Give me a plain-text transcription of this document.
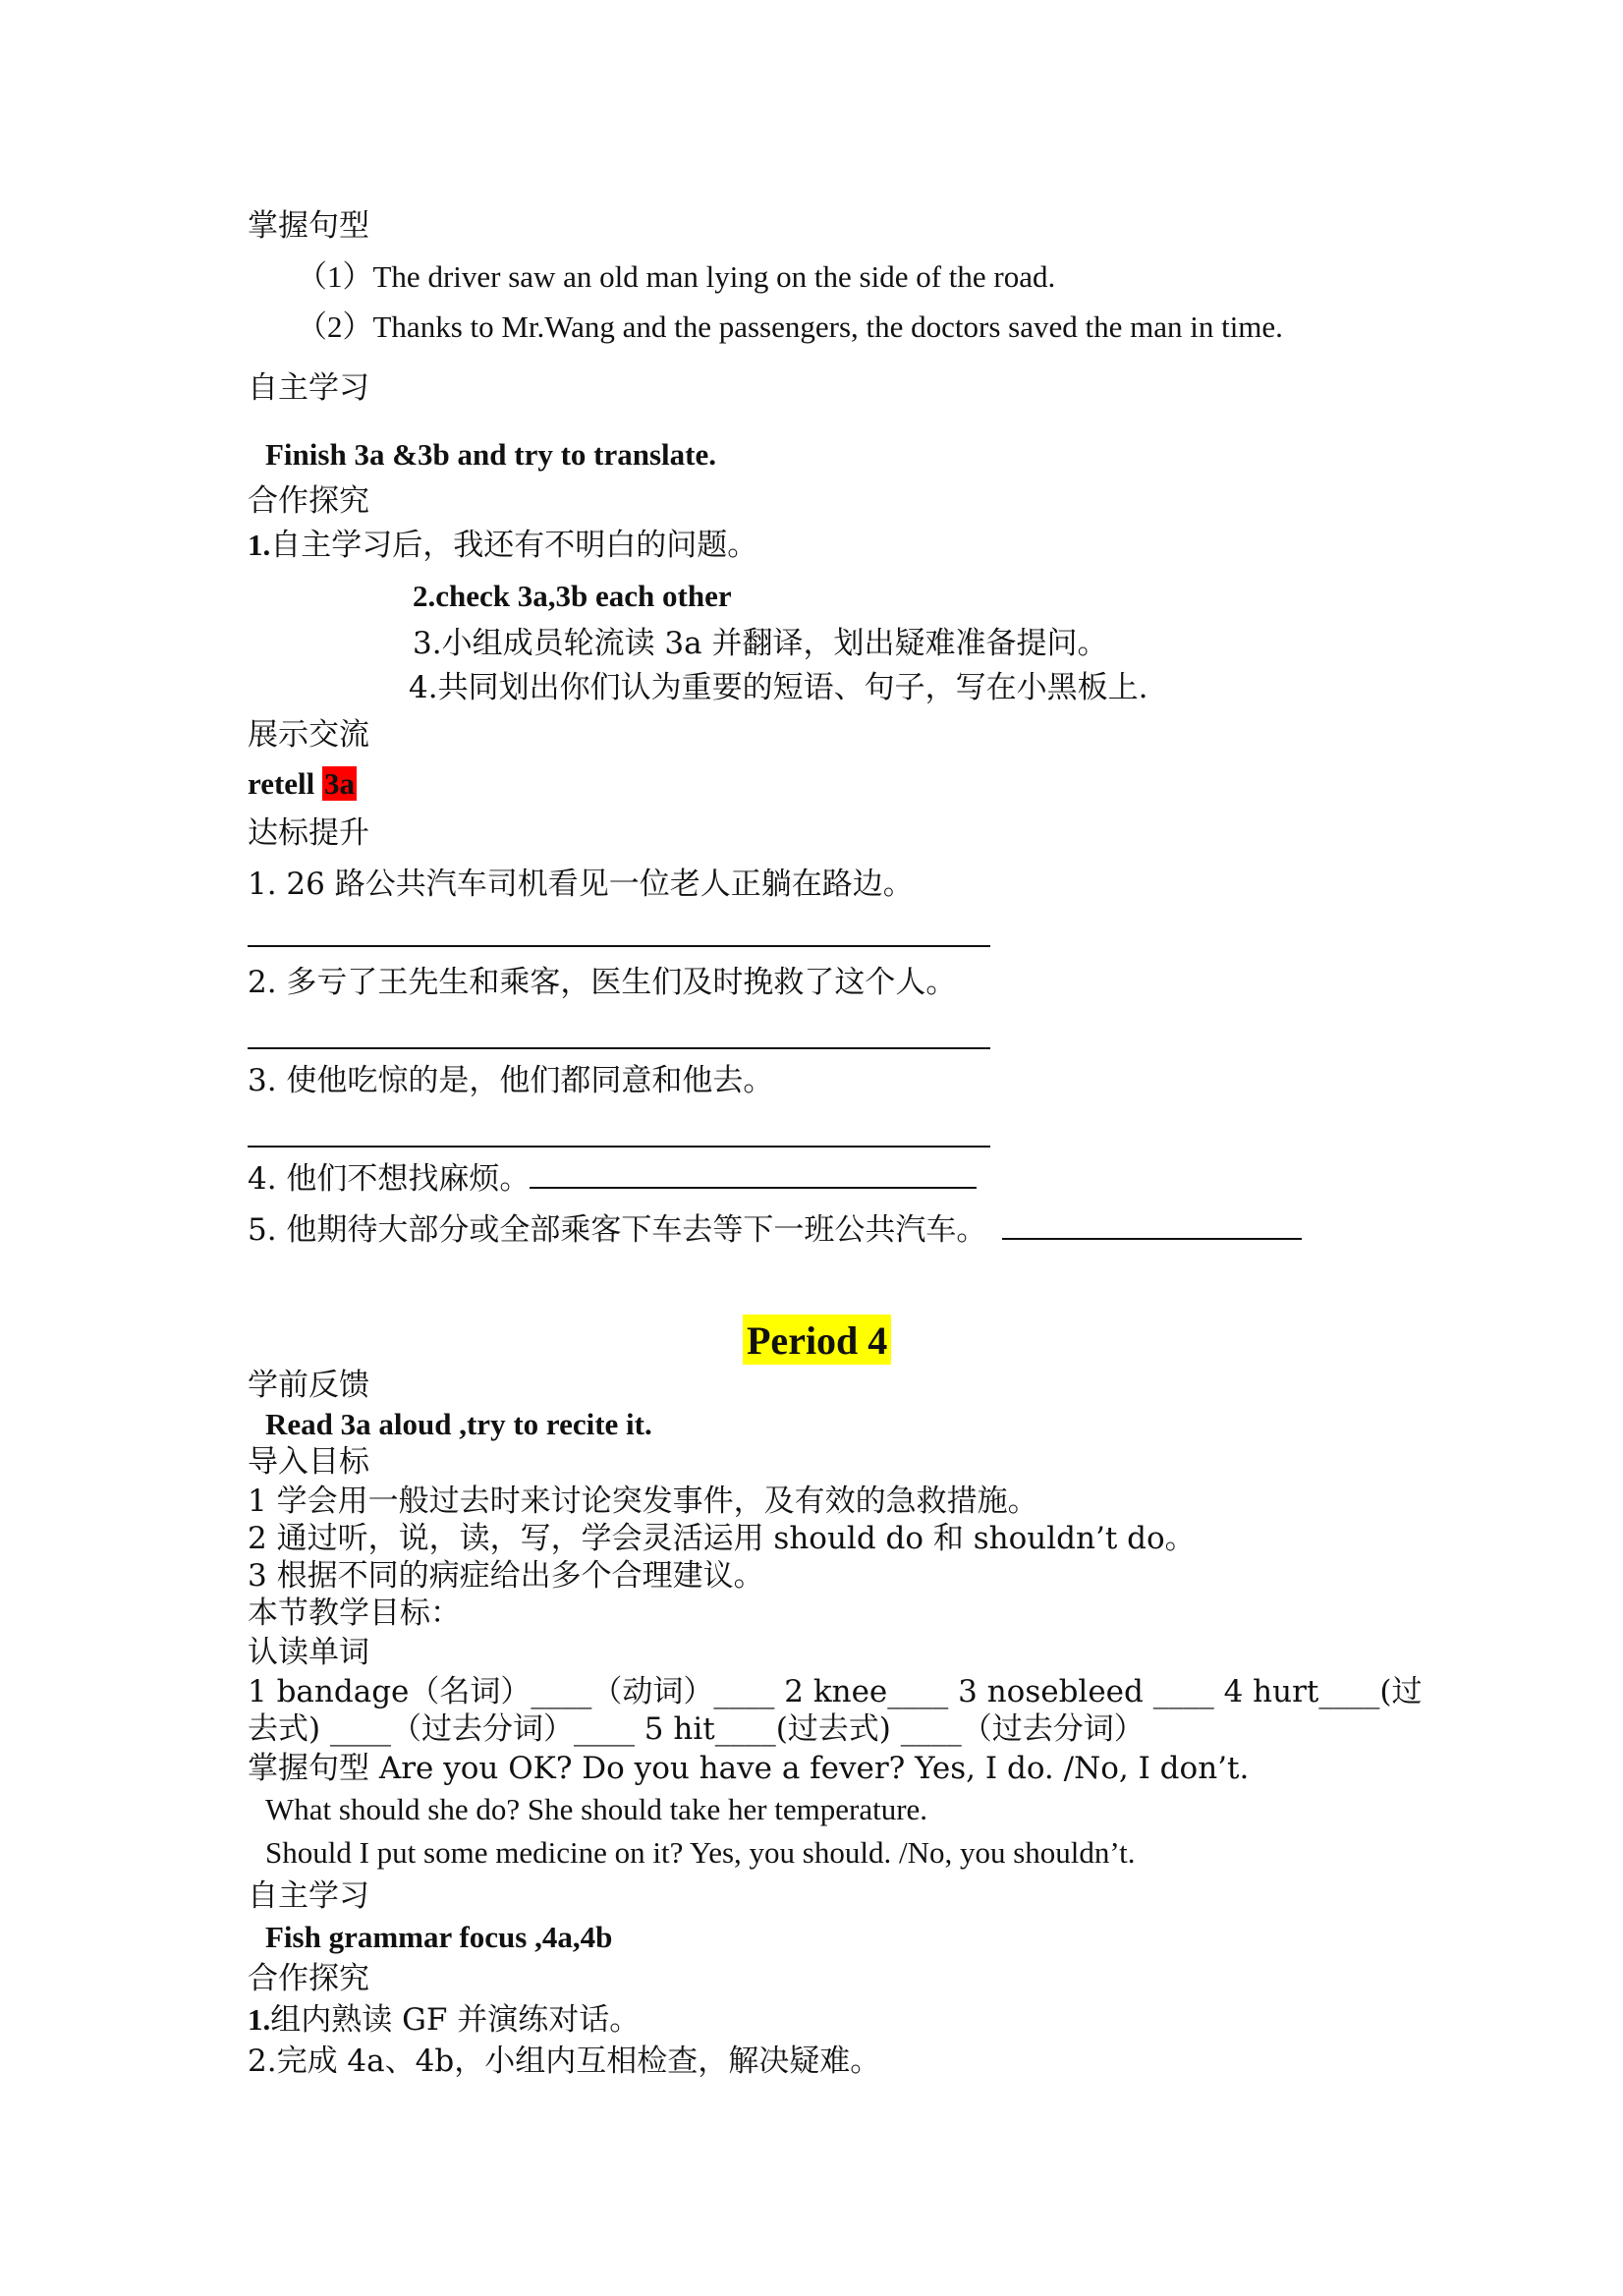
掌握句型
（1）The driver saw an old man lying on the side of the road.
（2）Thanks to Mr.Wang and the passengers, the doctors saved the man in time.
自主学习
Finish 3a &3b and try to translate.
合作探究
1.自主学习后，我还有不明白的问题。
2.check 3a,3b each other
3.小组成员轮流读 3a 并翻译，划出疑难准备提问。
4.共同划出你们认为重要的短语、句子，写在小黑板上.
展示交流
retell 3a
达标提升
1. 26 路公共汽车司机看见一位老人正躺在路边。
2. 多亏了王先生和乘客，医生们及时挽救了这个人。
3. 使他吃惊的是，他们都同意和他去。
4. 他们不想找麻烦。
5. 他期待大部分或全部乘客下车去等下一班公共汽车。
Period 4
学前反馈
Read 3a aloud ,try to recite it.
导入目标
1 学会用一般过去时来讨论突发事件，及有效的急救措施。
2 通过听，说，读，写，学会灵活运用 should do 和 shouldn’t do。
3 根据不同的病症给出多个合理建议。
本节教学目标：
认读单词
1 bandage（名词）____（动词）____ 2 knee____ 3 nosebleed ____ 4 hurt____(过
去式) ____（过去分词）____ 5 hit____(过去式) ____（过去分词）
掌握句型 Are you OK? Do you have a fever? Yes, I do. /No, I don’t.
What should she do? She should take her temperature.
Should I put some medicine on it? Yes, you should. /No, you shouldn’t.
自主学习
Fish grammar focus ,4a,4b
合作探究
1.组内熟读 GF 并演练对话。
2.完成 4a、4b，小组内互相检查，解决疑难。
